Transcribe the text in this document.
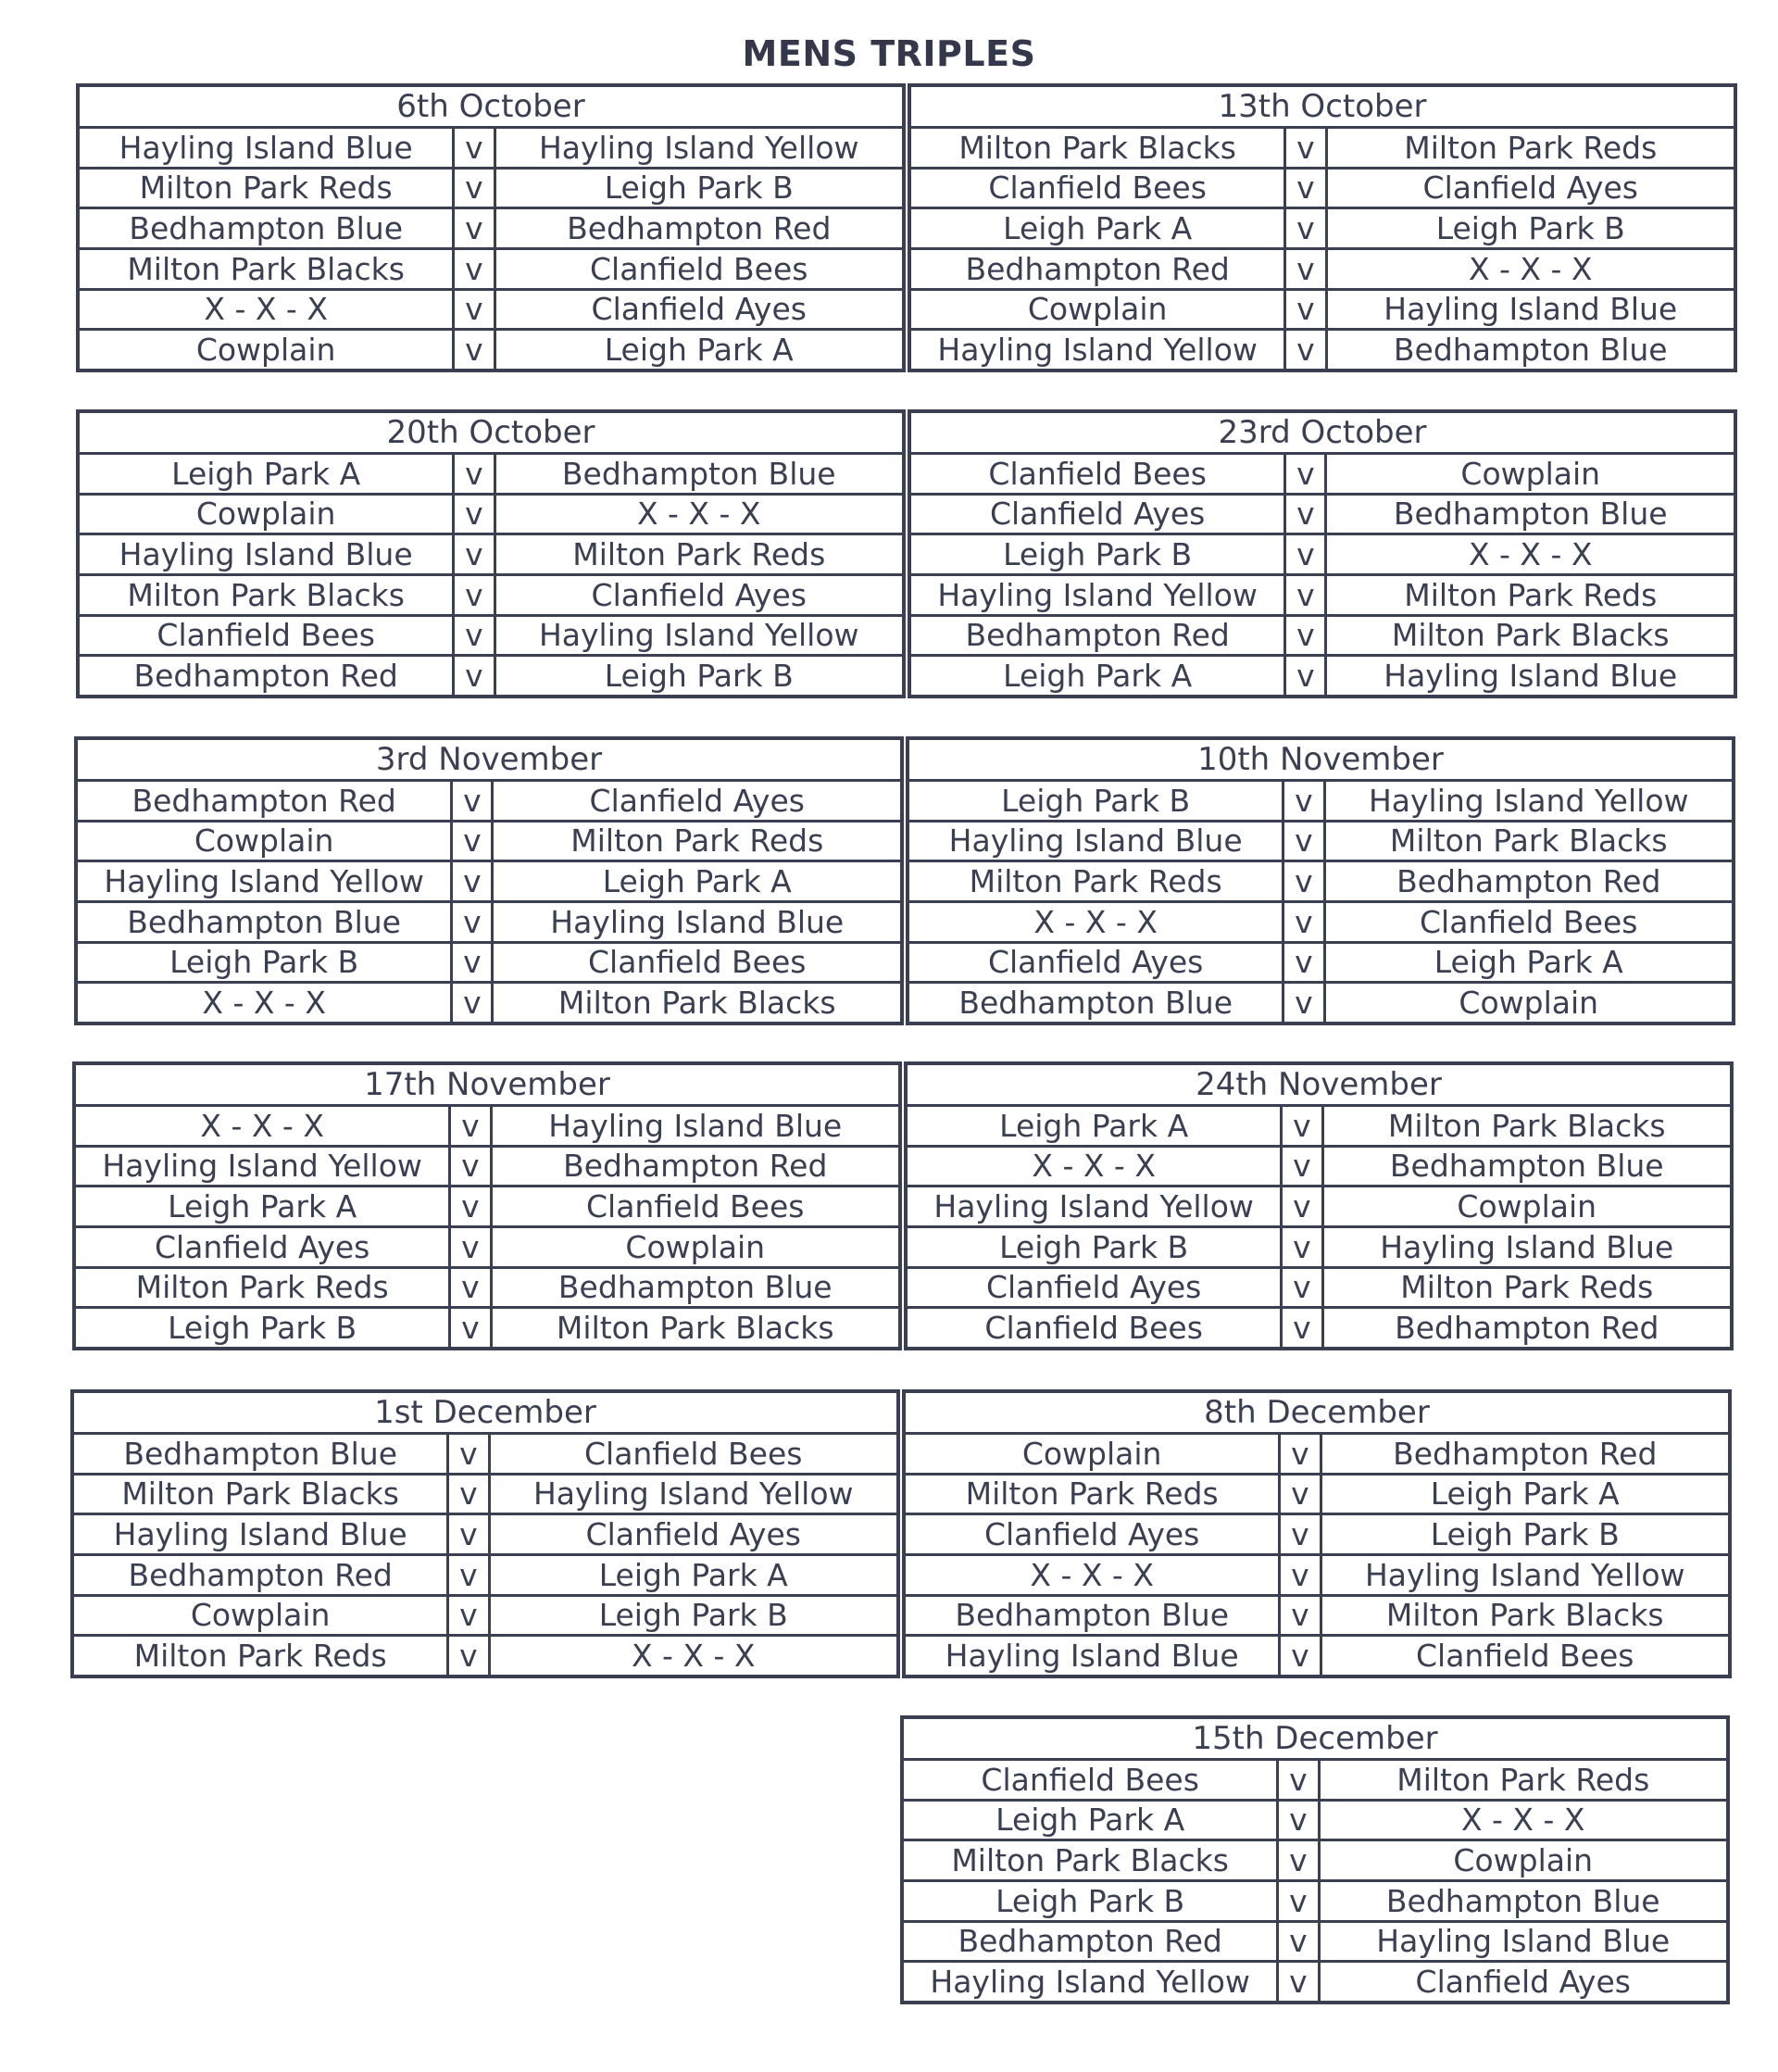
MENS TRIPLES
6th October		
Hayling Island Blue	v	Hayling Island Yellow
Milton Park Reds	v	Leigh Park B
Bedhampton Blue	v	Bedhampton Red
Milton Park Blacks	v	Clanfield Bees
X - X - X	v	Clanfield Ayes
Cowplain	v	Leigh Park A
13th October		
Milton Park Blacks	v	Milton Park Reds
Clanfield Bees	v	Clanfield Ayes
Leigh Park A	v	Leigh Park B
Bedhampton Red	v	X - X - X
Cowplain	v	Hayling Island Blue
Hayling Island Yellow	v	Bedhampton Blue
20th October		
Leigh Park A	v	Bedhampton Blue
Cowplain	v	X - X - X
Hayling Island Blue	v	Milton Park Reds
Milton Park Blacks	v	Clanfield Ayes
Clanfield Bees	v	Hayling Island Yellow
Bedhampton Red	v	Leigh Park B
23rd October		
Clanfield Bees	v	Cowplain
Clanfield Ayes	v	Bedhampton Blue
Leigh Park B	v	X - X - X
Hayling Island Yellow	v	Milton Park Reds
Bedhampton Red	v	Milton Park Blacks
Leigh Park A	v	Hayling Island Blue
3rd November		
Bedhampton Red	v	Clanfield Ayes
Cowplain	v	Milton Park Reds
Hayling Island Yellow	v	Leigh Park A
Bedhampton Blue	v	Hayling Island Blue
Leigh Park B	v	Clanfield Bees
X - X - X	v	Milton Park Blacks
10th November		
Leigh Park B	v	Hayling Island Yellow
Hayling Island Blue	v	Milton Park Blacks
Milton Park Reds	v	Bedhampton Red
X - X - X	v	Clanfield Bees
Clanfield Ayes	v	Leigh Park A
Bedhampton Blue	v	Cowplain
17th November		
X - X - X	v	Hayling Island Blue
Hayling Island Yellow	v	Bedhampton Red
Leigh Park A	v	Clanfield Bees
Clanfield Ayes	v	Cowplain
Milton Park Reds	v	Bedhampton Blue
Leigh Park B	v	Milton Park Blacks
24th November		
Leigh Park A	v	Milton Park Blacks
X - X - X	v	Bedhampton Blue
Hayling Island Yellow	v	Cowplain
Leigh Park B	v	Hayling Island Blue
Clanfield Ayes	v	Milton Park Reds
Clanfield Bees	v	Bedhampton Red
1st December		
Bedhampton Blue	v	Clanfield Bees
Milton Park Blacks	v	Hayling Island Yellow
Hayling Island Blue	v	Clanfield Ayes
Bedhampton Red	v	Leigh Park A
Cowplain	v	Leigh Park B
Milton Park Reds	v	X - X - X
8th December		
Cowplain	v	Bedhampton Red
Milton Park Reds	v	Leigh Park A
Clanfield Ayes	v	Leigh Park B
X - X - X	v	Hayling Island Yellow
Bedhampton Blue	v	Milton Park Blacks
Hayling Island Blue	v	Clanfield Bees
15th December		
Clanfield Bees	v	Milton Park Reds
Leigh Park A	v	X - X - X
Milton Park Blacks	v	Cowplain
Leigh Park B	v	Bedhampton Blue
Bedhampton Red	v	Hayling Island Blue
Hayling Island Yellow	v	Clanfield Ayes
